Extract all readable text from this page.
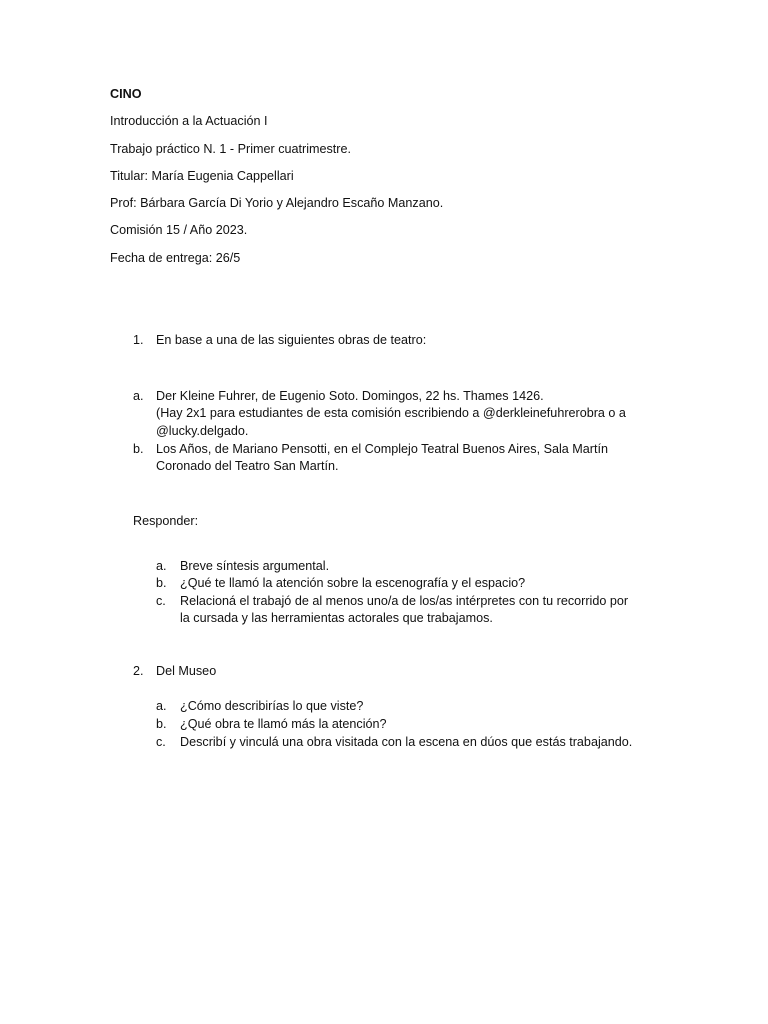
CINO
Introducción a la Actuación I
Trabajo práctico N. 1 - Primer cuatrimestre.
Titular: María Eugenia Cappellari
Prof: Bárbara García Di Yorio y Alejandro Escaño Manzano.
Comisión 15 / Año 2023.
Fecha de entrega: 26/5
1. En base a una de las siguientes obras de teatro:
a. Der Kleine Fuhrer, de Eugenio Soto. Domingos, 22 hs. Thames 1426.
(Hay 2x1 para estudiantes de esta comisión escribiendo a @derkleinefuhrerobra o a
@lucky.delgado.
b. Los Años, de Mariano Pensotti, en el Complejo Teatral Buenos Aires, Sala Martín
Coronado del Teatro San Martín.
Responder:
a. Breve síntesis argumental.
b. ¿Qué te llamó la atención sobre la escenografía y el espacio?
c. Relacioná el trabajó de al menos uno/a de los/as intérpretes con tu recorrido por
la cursada y las herramientas actorales que trabajamos.
2. Del Museo
a. ¿Cómo describirías lo que viste?
b. ¿Qué obra te llamó más la atención?
c. Describí y vinculá una obra visitada con la escena en dúos que estás trabajando.
